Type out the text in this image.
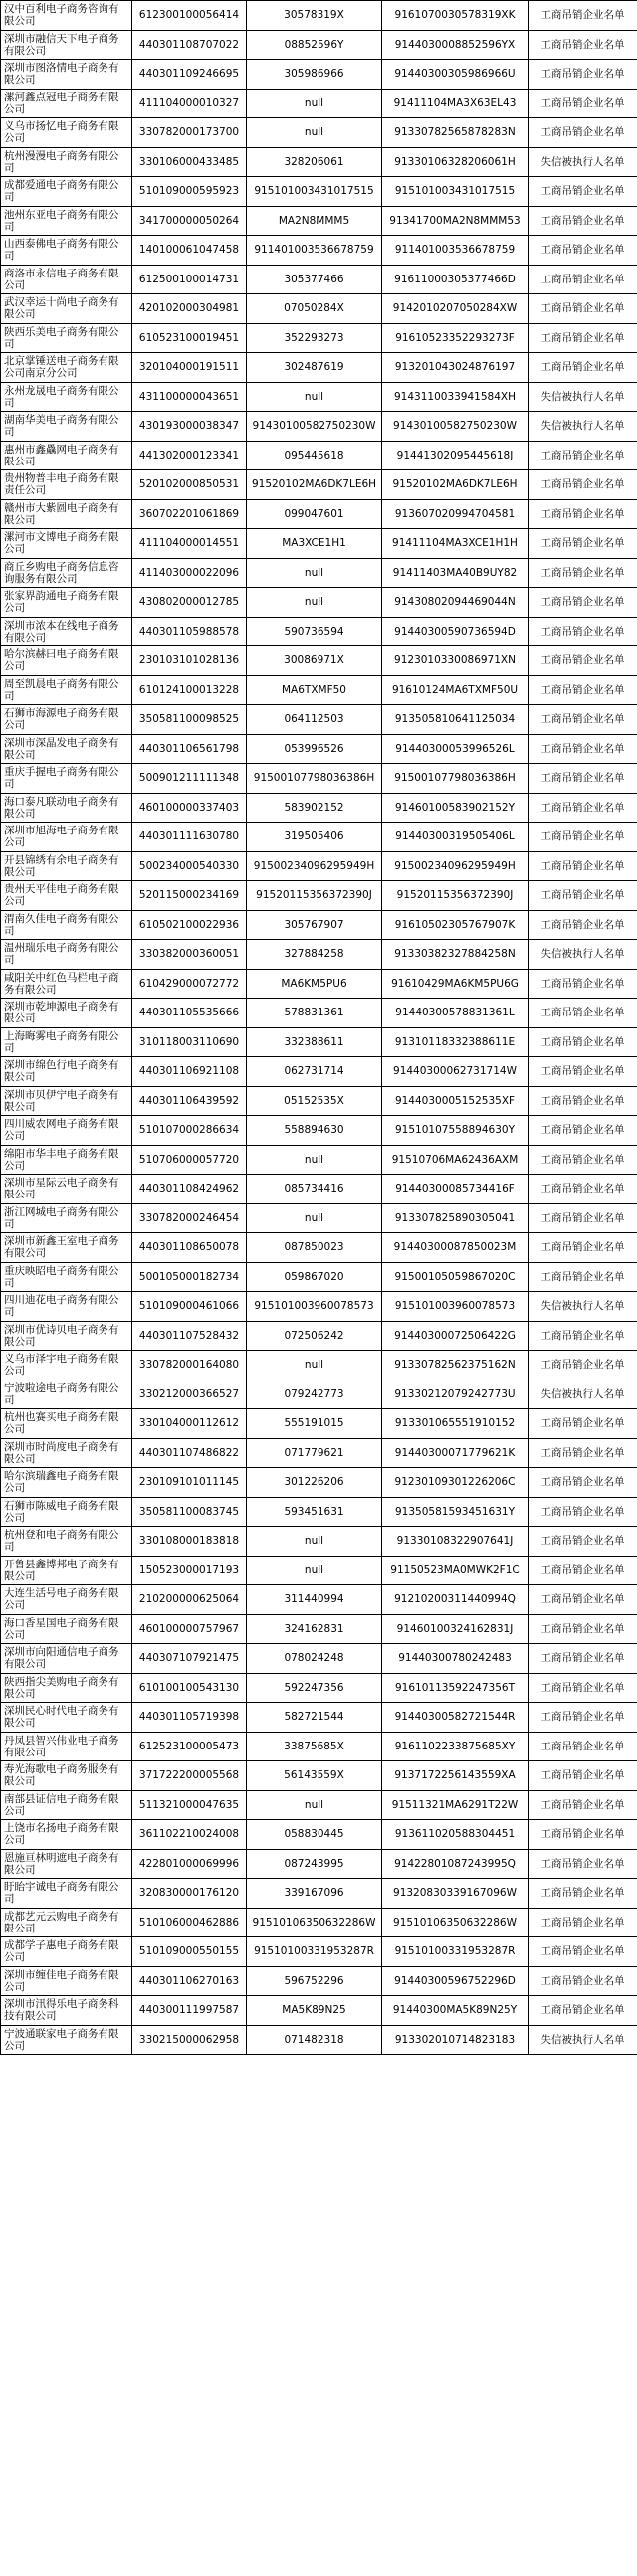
汉中百利电子商务咨询有限公司	612300100056414	30578319X	91610700305783​19XK	工商吊销企业名单
深圳市融信天下电子商务有限公司	440301108707022	08852596Y	91440300088525​96YX	工商吊销企业名单
深圳市图洛情电子商务有限公司	440301109246695	305986966	91440300305986​966U	工商吊销企业名单
漯河鑫点冠电子商务有限公司	411104000010327	null	91411104MA3X63EL43	工商吊销企业名单
义乌市扬忆电子商务有限公司	330782000173700	null	91330782565878283N	工商吊销企业名单
杭州漫漫电子商务有限公司	330106000433485	328206061	9133010632820​6061H	失信被执行人名单
成都爱通电子商务有限公司	510109000595923	91510100343101​7515	91510100343101​7515	工商吊销企业名单
池州东亚电子商务有限公司	341700000050264	MA2N8MMM5	91341700MA2N8MMM53	工商吊销企业名单
山西泰佛电子商务有限公司	140100061047458	91140100353667​8759	91140100353667​8759	工商吊销企业名单
商洛市永信电子商务有限公司	612500100014731	305377466	91611000305377​466D	工商吊销企业名单
武汉幸运十尚电子商务有限公司	420102000304981	07050284X	91420102070502​84XW	工商吊销企业名单
陕西乐美电子商务有限公司	610523100019451	352293273	91610523352293​273F	工商吊销企业名单
北京掌锤送电子商务有限公司南京分公司	320104000191511	302487619	91320104302487​6197	工商吊销企业名单
永州龙晟电子商务有限公司	431100000043651	null	91431100339415​84XH	失信被执行人名单
湖南华美电子商务有限公司	430193000038347	91430100582750​230W	91430100582750​230W	失信被执行人名单
惠州市鑫驫网电子商务有限公司	441302000123341	095445618	91441302095445​618J	工商吊销企业名单
贵州物普丰电子商务有限责任公司	520102000850531	91520102MA6DK7​LE6H	91520102MA6DK7​LE6H	工商吊销企业名单
赣州市大紫圆电子商务有限公司	360702201061869	099047601	91360702099470​4581	工商吊销企业名单
漯河市文博电子商务有限公司	411104000014551	MA3XCE1H1	91411104MA3XCE1H1H	工商吊销企业名单
商丘乡购电子商务信息咨询服务有限公司	411403000022096	null	91411403MA40B9UY82	工商吊销企业名单
张家界韵通电子商务有限公司	430802000012785	null	91430802094469044N	工商吊销企业名单
深圳市浓本在线电子商务有限公司	440301105988578	590736594	91440300590736​594D	工商吊销企业名单
哈尔滨赫曰电子商务有限公司	230103101028136	30086971X	91230103300869​71XN	工商吊销企业名单
周至凯晨电子商务有限公司	610124100013228	MA6TXMF50	91610124MA6TXM​F50U	工商吊销企业名单
石狮市海源电子商务有限公司	350581100098525	064112503	91350581064112​5034	工商吊销企业名单
深圳市深晶发电子商务有限公司	440301106561798	053996526	91440300053996​526L	工商吊销企业名单
重庆手握电子商务有限公司	500901211111348	91500107798036​386H	91500107798036​386H	工商吊销企业名单
海口泰凡联动电子商务有限公司	460100000337403	583902152	91460100583902​152Y	工商吊销企业名单
深圳市旭海电子商务有限公司	440301111630780	319505406	91440300319505​406L	工商吊销企业名单
开县锦绣有余电子商务有限公司	500234000540330	91500234096295​949H	91500234096295​949H	工商吊销企业名单
贵州天平佳电子商务有限公司	520115000234169	91520115356372​390J	91520115356372​390J	工商吊销企业名单
渭南久佳电子商务有限公司	610502100022936	305767907	91610502305767​907K	工商吊销企业名单
温州瑞乐电子商务有限公司	330382000360051	327884258	91330382327884​258N	失信被执行人名单
咸阳关中红色马栏电子商务有限公司	610429000072772	MA6KM5PU6	91610429MA6KM5​PU6G	工商吊销企业名单
深圳市乾坤源电子商务有限公司	440301105535666	578831361	91440300578831​361L	工商吊销企业名单
上海晦雾电子商务有限公司	310118003110690	332388611	91310118332388​611E	工商吊销企业名单
深圳市绵色行电子商务有限公司	440301106921108	062731714	91440300062731​714W	工商吊销企业名单
深圳市贝伊宁电子商务有限公司	440301106439592	05152535X	91440300051525​35XF	工商吊销企业名单
四川威农网电子商务有限公司	510107000286634	558894630	91510107558894​630Y	工商吊销企业名单
绵阳市华丰电子商务有限公司	510706000057720	null	91510706MA6243​6AXM	工商吊销企业名单
深圳市星际云电子商务有限公司	440301108424962	085734416	91440300085734​416F	工商吊销企业名单
浙江网城电子商务有限公司	330782000246454	null	91330782589030​5041	工商吊销企业名单
深圳市新鑫王室电子商务有限公司	440301108650078	087850023	91440300087850​023M	工商吊销企业名单
重庆映昭电子商务有限公司	500105000182734	059867020	91500105059867​020C	工商吊销企业名单
四川迪花电子商务有限公司	510109000461066	91510100396007​8573	91510100396007​8573	失信被执行人名单
深圳市优诗贝电子商务有限公司	440301107528432	072506242	91440300072506​422G	工商吊销企业名单
义乌市泽宇电子商务有限公司	330782000164080	null	91330782562375​162N	工商吊销企业名单
宁波啦途电子商务有限公司	330212000366527	07924277​3	91330212079242​773U	失信被执行人名单
杭州也赛买电子商务有限公司	330104000112612	555191015	91330106555191​0152	工商吊销企业名单
深圳市时尚度电子商务有限公司	440301107486822	071779621	91440300071779​621K	工商吊销企业名单
哈尔滨瑞鑫电子商务有限公司	230109101011145	301226206	91230109301226​206C	工商吊销企业名单
石狮市陈威电子商务有限公司	350581100083745	593451631	91350581593451​631Y	工商吊销企业名单
杭州登和电子商务有限公司	330108000183818	null	91330108322907​641J	工商吊销企业名单
开鲁县鑫博邦电子商务有限公司	150523000017193	null	91150523MA0MWK​2F1C	工商吊销企业名单
大连生活号电子商务有限公司	210200000625064	311440994	91210200311440​994Q	工商吊销企业名单
海口香星国电子商务有限公司	460100000757967	324162831	91460100324162​831J	工商吊销企业名单
深圳市向阳通信电子商务有限公司	440307107921475	078024248	91440300780242​483	工商吊销企业名单
陕西指尖美购电子商务有限公司	610100100543130	592247356	91610113592247​356T	工商吊销企业名单
深圳民心时代电子商务有限公司	440301105719398	582721544	91440300582721​544R	工商吊销企业名单
丹凤县智兴伟业电子商务有限公司	612523100005473	33875685X	91611022338756​85XY	工商吊销企业名单
寿光海歌电子商务服务有限公司	371722200005568	56143559X	91371722561435​59XA	工商吊销企业名单
南部县证信电子商务有限公司	511321000047635	null	91511321MA6291​T22W	工商吊销企业名单
上饶市名扬电子商务有限公司	361102210024008	058830445	91361102058830​4451	工商吊销企业名单
恩施亘林明遮电子商务有限公司	422801000069996	087243995	91422801087243​995Q	工商吊销企业名单
盱眙宇诚电子商务有限公司	320830000176120	339167096	91320830339167​096W	工商吊销企业名单
成都艺元云购电子商务有限公司	510106000462886	91510106350632​286W	91510106350632​286W	工商吊销企业名单
成都学子惠电子商务有限公司	510109000550155	91510100331953​287R	91510100331953​287R	工商吊销企业名单
深圳市缠佳电子商务有限公司	440301106270163	596752296	91440300596752​296D	工商吊销企业名单
深圳市汛得乐电子商务科技有限公司	440300111997587	MA5K89N25	91440300MA5K89​N25Y	工商吊销企业名单
宁波通联家电子商务有限公司	330215000062958	071482318	91330201071482​3183	失信被执行人名单
